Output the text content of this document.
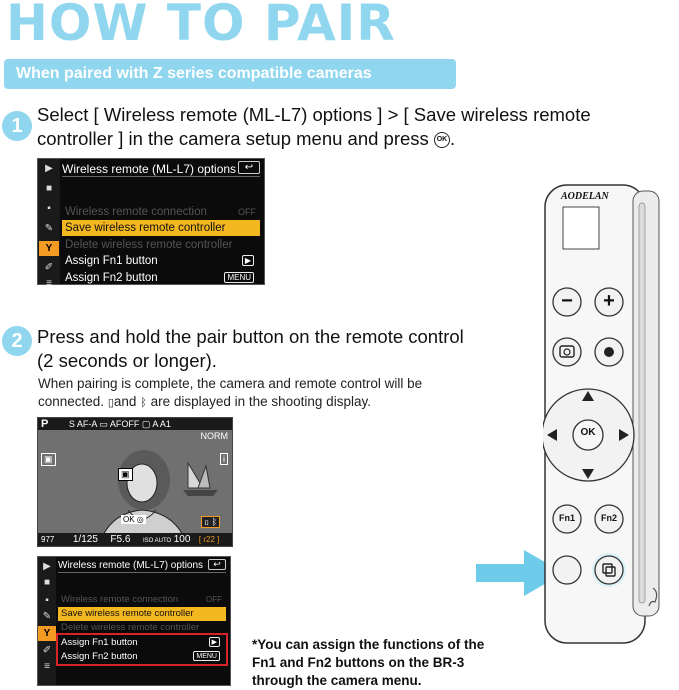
HOW TO PAIR
When paired with Z series compatible cameras
1
Select [ Wireless remote (ML-L7) options ] > [ Save wireless remote
controller ] in the camera setup menu and press OK .
▶
■
▪
✎
Y
✐
≡
Wireless remote (ML-L7) options ↩
Wireless remote connection	OFF
Save wireless remote controller
Delete wireless remote controller
Assign Fn1 button	▶
Assign Fn2 button	MENU
2 Press and hold the pair button on the remote control
(2 seconds or longer).
When pairing is complete, the camera and remote control will be
connected. ▯and ᛒ are displayed in the shooting display.
P S AF-A ▭ AFOFF ▢ A A1
NORM
▣	i
▣
OK ◎	▯ ᛒ
977 1/125 F5.6 ISO AUTO 100 [ r22 ]
▶
■
▪
✎
Y
✐
≡
Wireless remote (ML-L7) options	↩
Wireless remote connection	OFF
Save wireless remote controller
Delete wireless remote controller
Assign Fn1 button	▶
Assign Fn2 button	MENU
*You can assign the functions of the Fn1 and Fn2 buttons on the BR-3 through the camera menu.
AODELAN
−	+
OK
Fn1	Fn2
